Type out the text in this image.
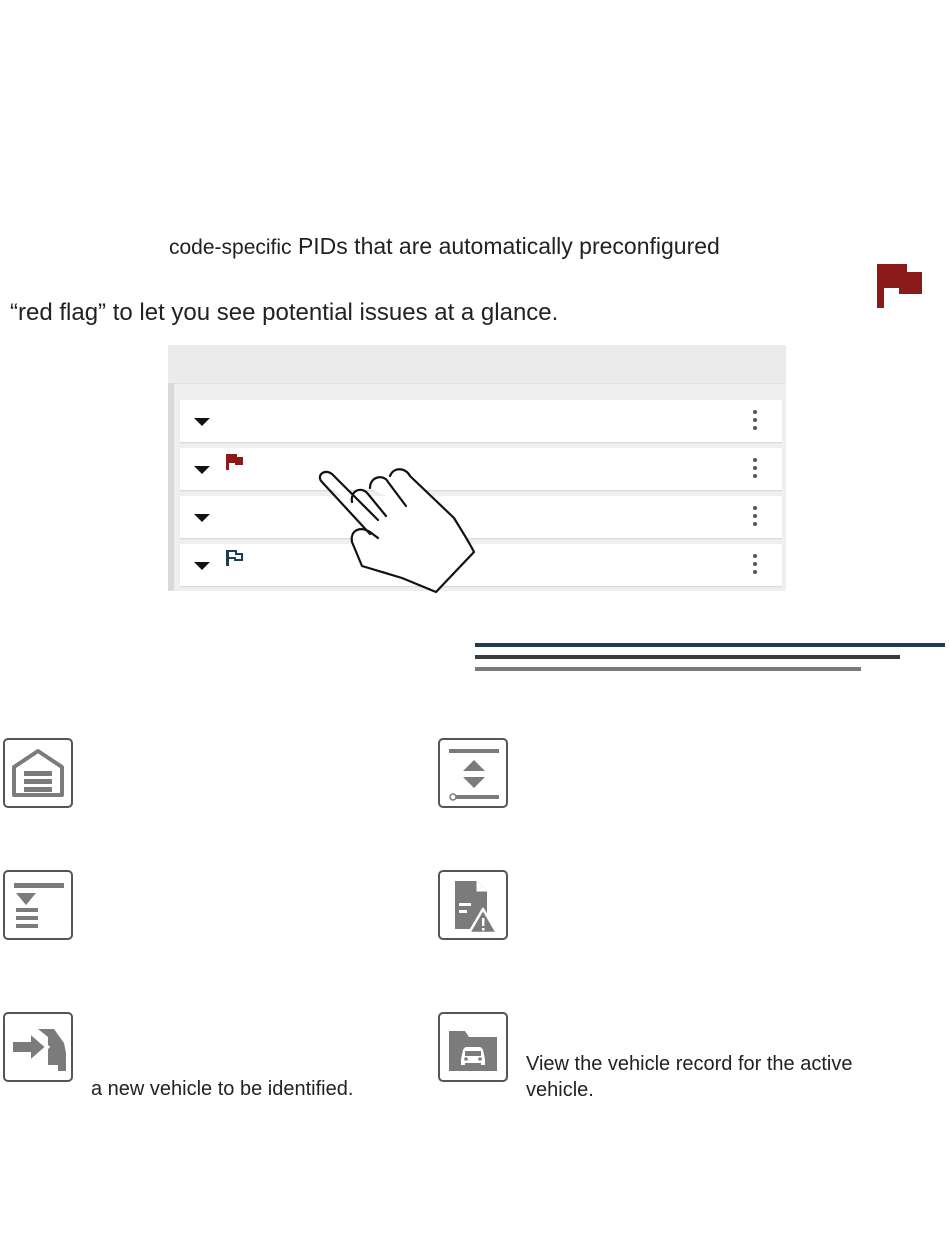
code-specific PIDs that are automatically preconfigured
“red flag” to let you see potential issues at a glance.
a new vehicle to be identified.
View the vehicle record for the active
vehicle.
